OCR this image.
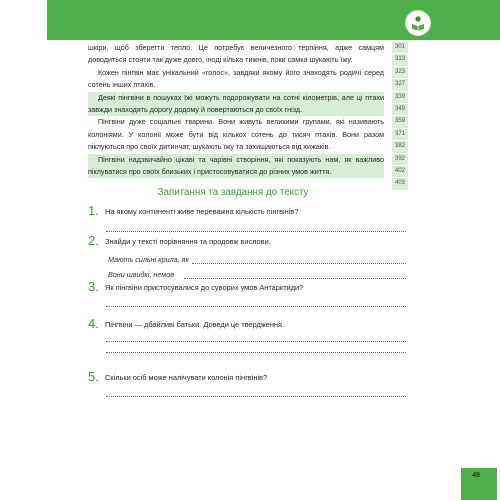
шкіри, щоб зберегти тепло. Це потребує величезного терпіння, адже самцям доводиться стояти так дуже довго, іноді кілька тижнів, поки самка шукають їжу.

Кожен пінгвін має унікальний «голос», завдяки якому його знаходять родичі серед сотень інших птахів.

Деякі пінгвіни в пошуках їжі можуть подорожувати на сотні кілометрів, але ці птахи завжди знаходять дорогу додому й повертаються до своїх гнізд.

Пінгвіни дуже соціальні тварини. Вони живуть великими групами, які називають колоніями. У колонії може бути від кількох сотень до тисяч птахів. Вони разом піклуються про своїх дитинчат, шукають їжу та захищаються від хижаків.

Пінгвіни надзвичайно цікаві та чарівні створіння, які показують нам, як важливо піклуватися про своїх близьких і пристосовуватися до різних умов життя.

301
313
323
327
339
349
359
371
382
392
402
403
Запитання та завдання до тексту
1. На якому континенті живе переважна кількість пінгвінів?
2. Знайди у тексті порівняння та продовж вислови.
Мають сильні крила, як
Вони швидкі, немов
3. Як пінгвіни пристосувалися до суворих умов Антарктиди?
4. Пінгвіни — дбайливі батьки. Доведи це твердження.
5. Скільки осіб може налічувати колонія пінгвінів?
49
